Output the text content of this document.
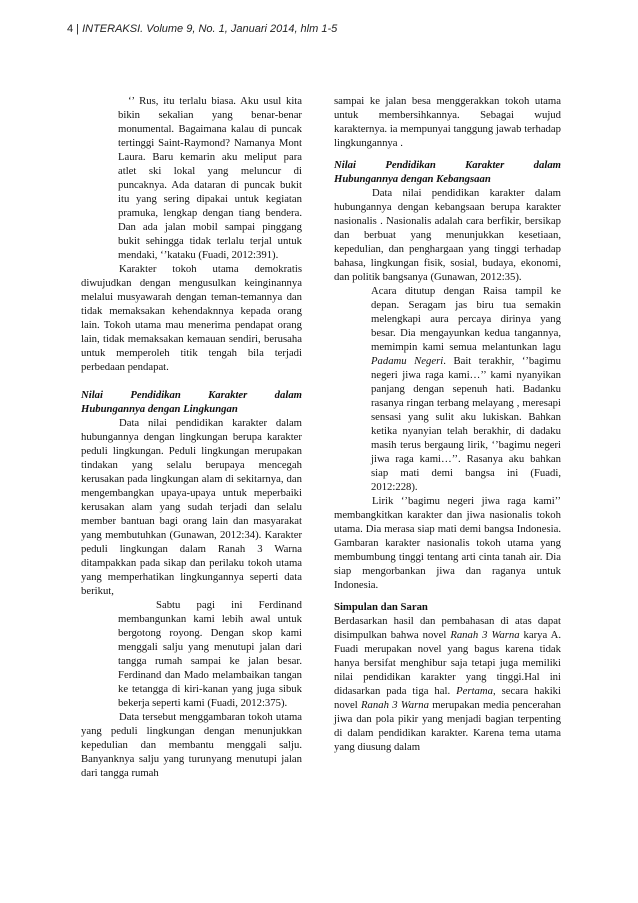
4 | INTERAKSI. Volume 9, No. 1, Januari 2014, hlm 1-5

‘’ Rus, itu terlalu biasa. Aku usul kita bikin sekalian yang benar-benar monumental. Bagaimana kalau di puncak tertinggi Saint-Raymond? Namanya Mont Laura. Baru kemarin aku meliput para atlet ski lokal yang meluncur di puncaknya. Ada dataran di puncak bukit itu yang sering dipakai untuk kegiatan pramuka, lengkap dengan tiang bendera. Dan ada jalan mobil sampai pinggang bukit sehingga tidak terlalu terjal untuk mendaki, ‘’kataku (Fuadi, 2012:391).

Karakter tokoh utama demokratis diwujudkan dengan mengusulkan keinginannya melalui musyawarah dengan teman-temannya dan tidak memaksakan kehendaknnya kepada orang lain. Tokoh utama mau menerima pendapat orang lain, tidak memaksakan kemauan sendiri, berusaha untuk memperoleh titik tengah bila terjadi perbedaan pendapat.

Nilai Pendidikan Karakter dalam

Hubungannya dengan Lingkungan

Data nilai pendidikan karakter dalam hubungannya dengan lingkungan berupa karakter peduli lingkungan. Peduli lingkungan merupakan tindakan yang selalu berupaya mencegah kerusakan pada lingkungan alam di sekitarnya, dan mengembangkan upaya-upaya untuk meperbaiki kerusakan alam yang sudah terjadi dan selalu member bantuan bagi orang lain dan masyarakat yang membutuhkan (Gunawan, 2012:34). Karakter peduli lingkungan dalam Ranah 3 Warna ditampakkan pada sikap dan perilaku tokoh utama yang memperhatikan lingkungannya seperti data berikut,

Sabtu pagi ini Ferdinand membangunkan kami lebih awal untuk bergotong royong. Dengan skop kami menggali salju yang menutupi jalan dari tangga rumah sampai ke jalan besar. Ferdinand dan Mado melambaikan tangan ke tetangga di kiri-kanan yang juga sibuk bekerja seperti kami (Fuadi, 2012:375).

Data tersebut menggambaran tokoh utama yang peduli lingkungan dengan menunjukkan kepedulian dan membantu menggali salju. Banyanknya salju yang turunyang menutupi jalan dari tangga rumah

sampai ke jalan besa menggerakkan tokoh utama untuk membersihkannya. Sebagai wujud karakternya. ia mempunyai tanggung jawab terhadap lingkungannya .

Nilai Pendidikan Karakter dalam

Hubungannya dengan Kebangsaan

Data nilai pendidikan karakter dalam hubungannya dengan kebangsaan berupa karakter nasionalis . Nasionalis adalah cara berfikir, bersikap dan berbuat yang menunjukkan kesetiaan, kepedulian, dan penghargaan yang tinggi terhadap bahasa, lingkungan fisik, sosial, budaya, ekonomi, dan politik bangsanya (Gunawan, 2012:35).

Acara ditutup dengan Raisa tampil ke depan. Seragam jas biru tua semakin melengkapi aura percaya dirinya yang besar. Dia mengayunkan kedua tangannya, memimpin kami semua melantunkan lagu Padamu Negeri. Bait terakhir, ‘’bagimu negeri jiwa raga kami…’’ kami nyanyikan panjang dengan sepenuh hati. Badanku rasanya ringan terbang melayang , meresapi sensasi yang sulit aku lukiskan. Bahkan ketika nyanyian telah berakhir, di dadaku masih terus bergaung lirik, ‘’bagimu negeri jiwa raga kami…’’. Rasanya aku bahkan siap mati demi bangsa ini (Fuadi, 2012:228).

Lirik ‘’bagimu negeri jiwa raga kami’’ membangkitkan karakter dan jiwa nasionalis tokoh utama. Dia merasa siap mati demi bangsa Indonesia. Gambaran karakter nasionalis tokoh utama yang membumbung tinggi tentang arti cinta tanah air. Dia siap mengorbankan jiwa dan raganya untuk Indonesia.

Simpulan dan Saran

Berdasarkan hasil dan pembahasan di atas dapat disimpulkan bahwa novel Ranah 3 Warna karya A. Fuadi merupakan novel yang bagus karena tidak hanya bersifat menghibur saja tetapi juga memiliki nilai pendidikan karakter yang tinggi.Hal ini didasarkan pada tiga hal. Pertama, secara hakiki novel Ranah 3 Warna merupakan media pencerahan jiwa dan pola pikir yang menjadi bagian terpenting di dalam pendidikan karakter. Karena tema utama yang diusung dalam
